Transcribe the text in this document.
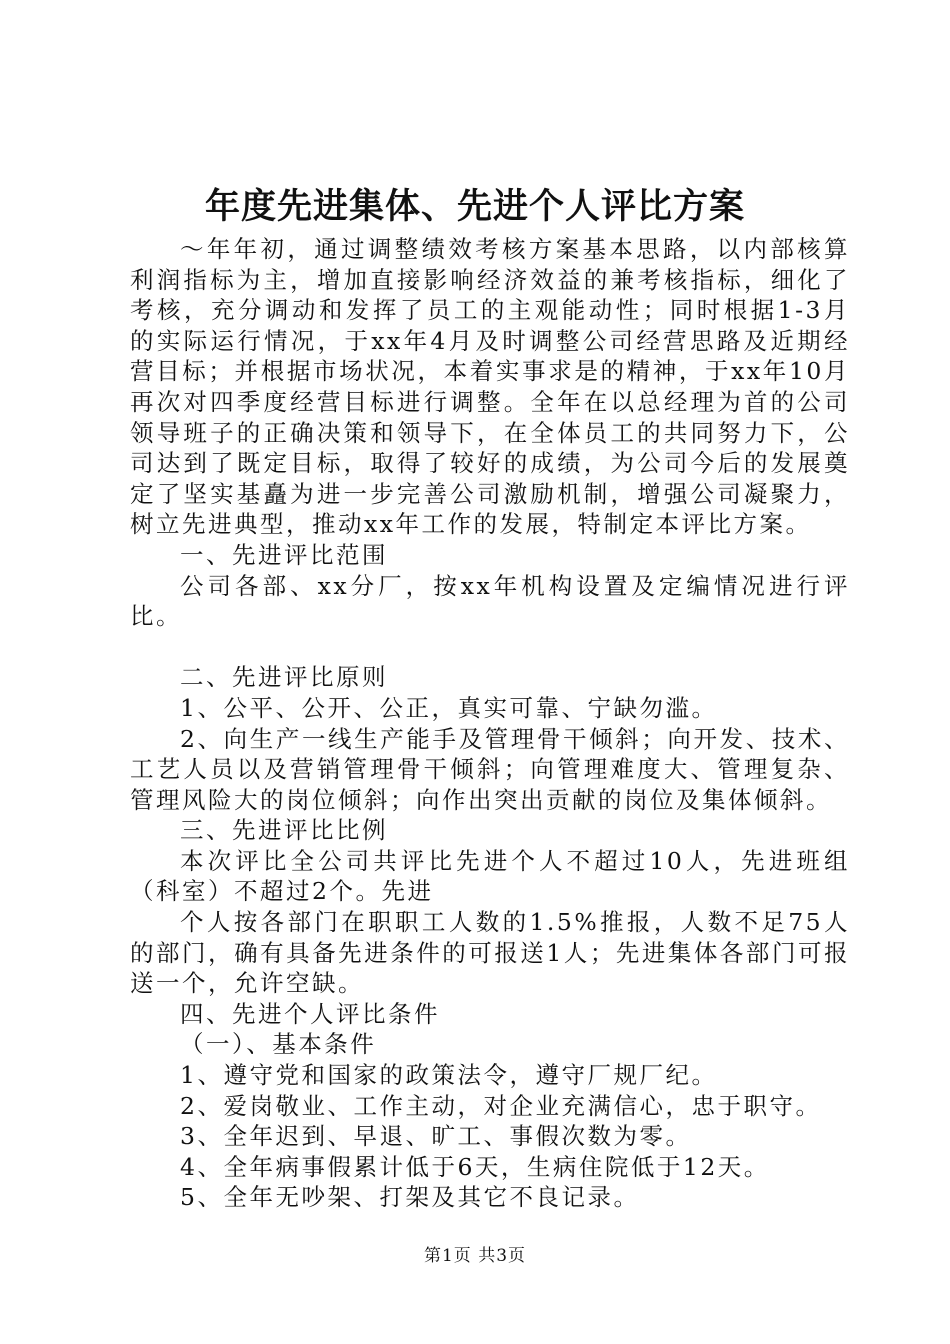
年度先进集体、先进个人评比方案

～年年初，通过调整绩效考核方案基本思路，以内部核算利润指标为主，增加直接影响经济效益的兼考核指标，细化了考核，充分调动和发挥了员工的主观能动性；同时根据1-3月的实际运行情况，于xx年4月及时调整公司经营思路及近期经营目标；并根据市场状况，本着实事求是的精神，于xx年10月再次对四季度经营目标进行调整。全年在以总经理为首的公司领导班子的正确决策和领导下，在全体员工的共同努力下，公司达到了既定目标，取得了较好的成绩，为公司今后的发展奠定了坚实基矗为进一步完善公司激励机制，增强公司凝聚力，树立先进典型，推动xx年工作的发展，特制定本评比方案。

一、先进评比范围

公司各部、xx分厂，按xx年机构设置及定编情况进行评比。

二、先进评比原则

1、公平、公开、公正，真实可靠、宁缺勿滥。

2、向生产一线生产能手及管理骨干倾斜；向开发、技术、工艺人员以及营销管理骨干倾斜；向管理难度大、管理复杂、管理风险大的岗位倾斜；向作出突出贡献的岗位及集体倾斜。

三、先进评比比例

本次评比全公司共评比先进个人不超过10人，先进班组（科室）不超过2个。先进

个人按各部门在职职工人数的1.5%推报，人数不足75人的部门，确有具备先进条件的可报送1人；先进集体各部门可报送一个，允许空缺。

四、先进个人评比条件

（一）、基本条件

1、遵守党和国家的政策法令，遵守厂规厂纪。

2、爱岗敬业、工作主动，对企业充满信心，忠于职守。

3、全年迟到、早退、旷工、事假次数为零。

4、全年病事假累计低于6天，生病住院低于12天。

5、全年无吵架、打架及其它不良记录。

第1页 共3页
